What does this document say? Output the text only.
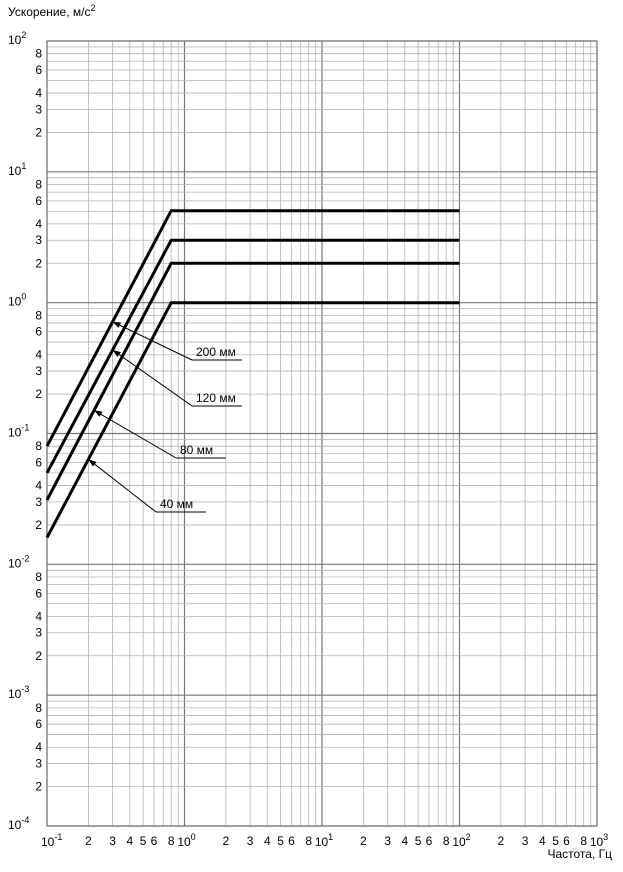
200 мм
120 мм
80 мм
40 мм
$10^2$
$10^1$
$10^0$
$10^{-1}$
$10^{-2}$
$10^{-3}$
$10^{-4}$
8
6
4
3
2
8
6
4
3
2
8
6
4
3
2
8
6
4
3
2
8
6
4
3
2
8
6
4
3
2
$10^{-1}$	$10^0$	$10^1$	$10^2$	$10^3$
2 3 4 5 6 8	2 3 4 5 6 8	2 3 4 5 6 8	2 3 4 5 6 8
Ускорение, $м/с^2$
Частота, Гц
